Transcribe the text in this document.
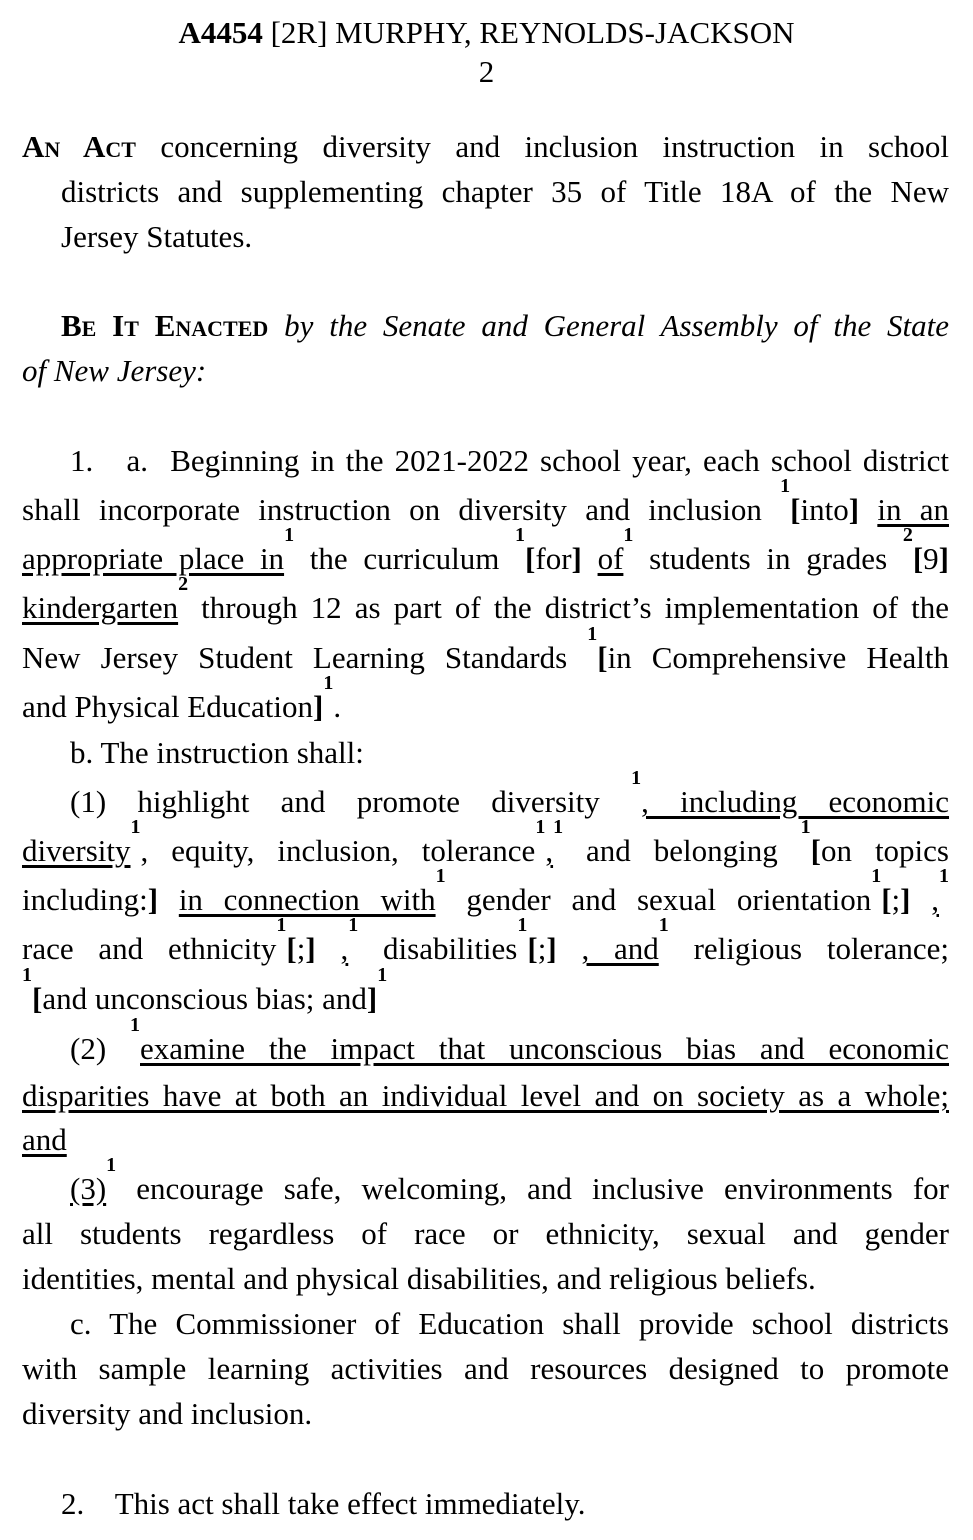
A4454 [2R] MURPHY, REYNOLDS-JACKSON
2
An Act concerning diversity and inclusion instruction in school
districts and supplementing chapter 35 of Title 18A of the New
Jersey Statutes.
Be It Enacted by the Senate and General Assembly of the State
of New Jersey:
1.   a.  Beginning in the 2021-2022 school year, each school district
shall incorporate instruction on diversity and inclusion $^1$[into] in an
appropriate place $in^1$ the curriculum $^1$[for] $of^1$ students in grades $^2$[9]
kindergarten$^2$ through 12 as part of the district’s implementation of the
New Jersey Student Learning Standards $^1$[in Comprehensive Health
and Physical Education]$^1$.
b. The instruction shall:
(1) highlight and promote diversity $^1$, including economic
diversity$^1$, equity, inclusion, tolerance$^1$,$^1$ and belonging $^1$[on topics
including:] in connection with$^1$ gender and sexual orientation$^1$[;] ,$^1$
race and ethnicity$^1$[;] ,$^1$ disabilities$^1$[;] , and$^1$ religious tolerance;
$^1$[and unconscious bias; and]$^1$
(2) $^1$examine the impact that unconscious bias and economic
disparities have at both an individual level and on society as a whole;
and
$(3)^1$ encourage safe, welcoming, and inclusive environments for
all students regardless of race or ethnicity, sexual and gender
identities, mental and physical disabilities, and religious beliefs.
c. The Commissioner of Education shall provide school districts
with sample learning activities and resources designed to promote
diversity and inclusion.
2.    This act shall take effect immediately.
